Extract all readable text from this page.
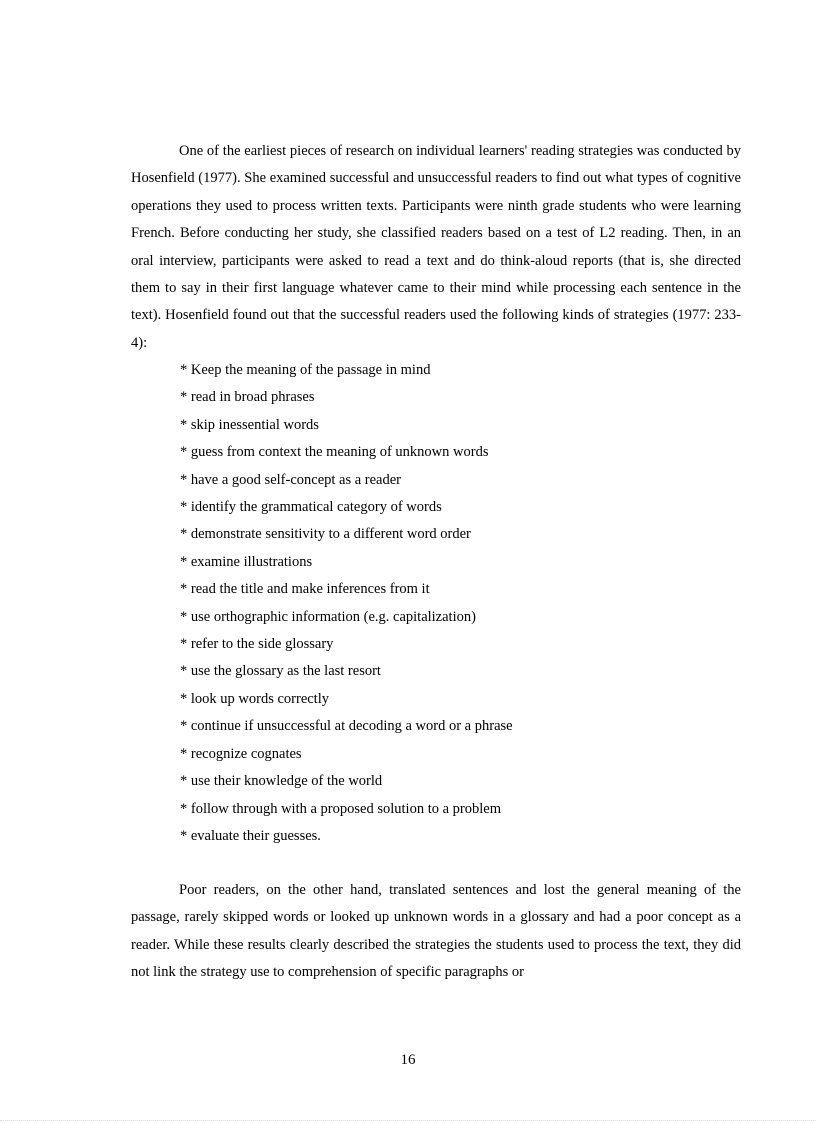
One of the earliest pieces of research on individual learners' reading strategies was conducted by Hosenfield (1977). She examined successful and unsuccessful readers to find out what types of cognitive operations they used to process written texts. Participants were ninth grade students who were learning French. Before conducting her study, she classified readers based on a test of L2 reading. Then, in an oral interview, participants were asked to read a text and do think-aloud reports (that is, she directed them to say in their first language whatever came to their mind while processing each sentence in the text). Hosenfield found out that the successful readers used the following kinds of strategies (1977: 233-4):

* Keep the meaning of the passage in mind
* read in broad phrases
* skip inessential words
* guess from context the meaning of unknown words
* have a good self-concept as a reader
* identify the grammatical category of words
* demonstrate sensitivity to a different word order
* examine illustrations
* read the title and make inferences from it
* use orthographic information (e.g. capitalization)
* refer to the side glossary
* use the glossary as the last resort
* look up words correctly
* continue if unsuccessful at decoding a word or a phrase
* recognize cognates
* use their knowledge of the world
* follow through with a proposed solution to a problem
* evaluate their guesses.

Poor readers, on the other hand, translated sentences and lost the general meaning of the passage, rarely skipped words or looked up unknown words in a glossary and had a poor concept as a reader. While these results clearly described the strategies the students used to process the text, they did not link the strategy use to comprehension of specific paragraphs or

16
